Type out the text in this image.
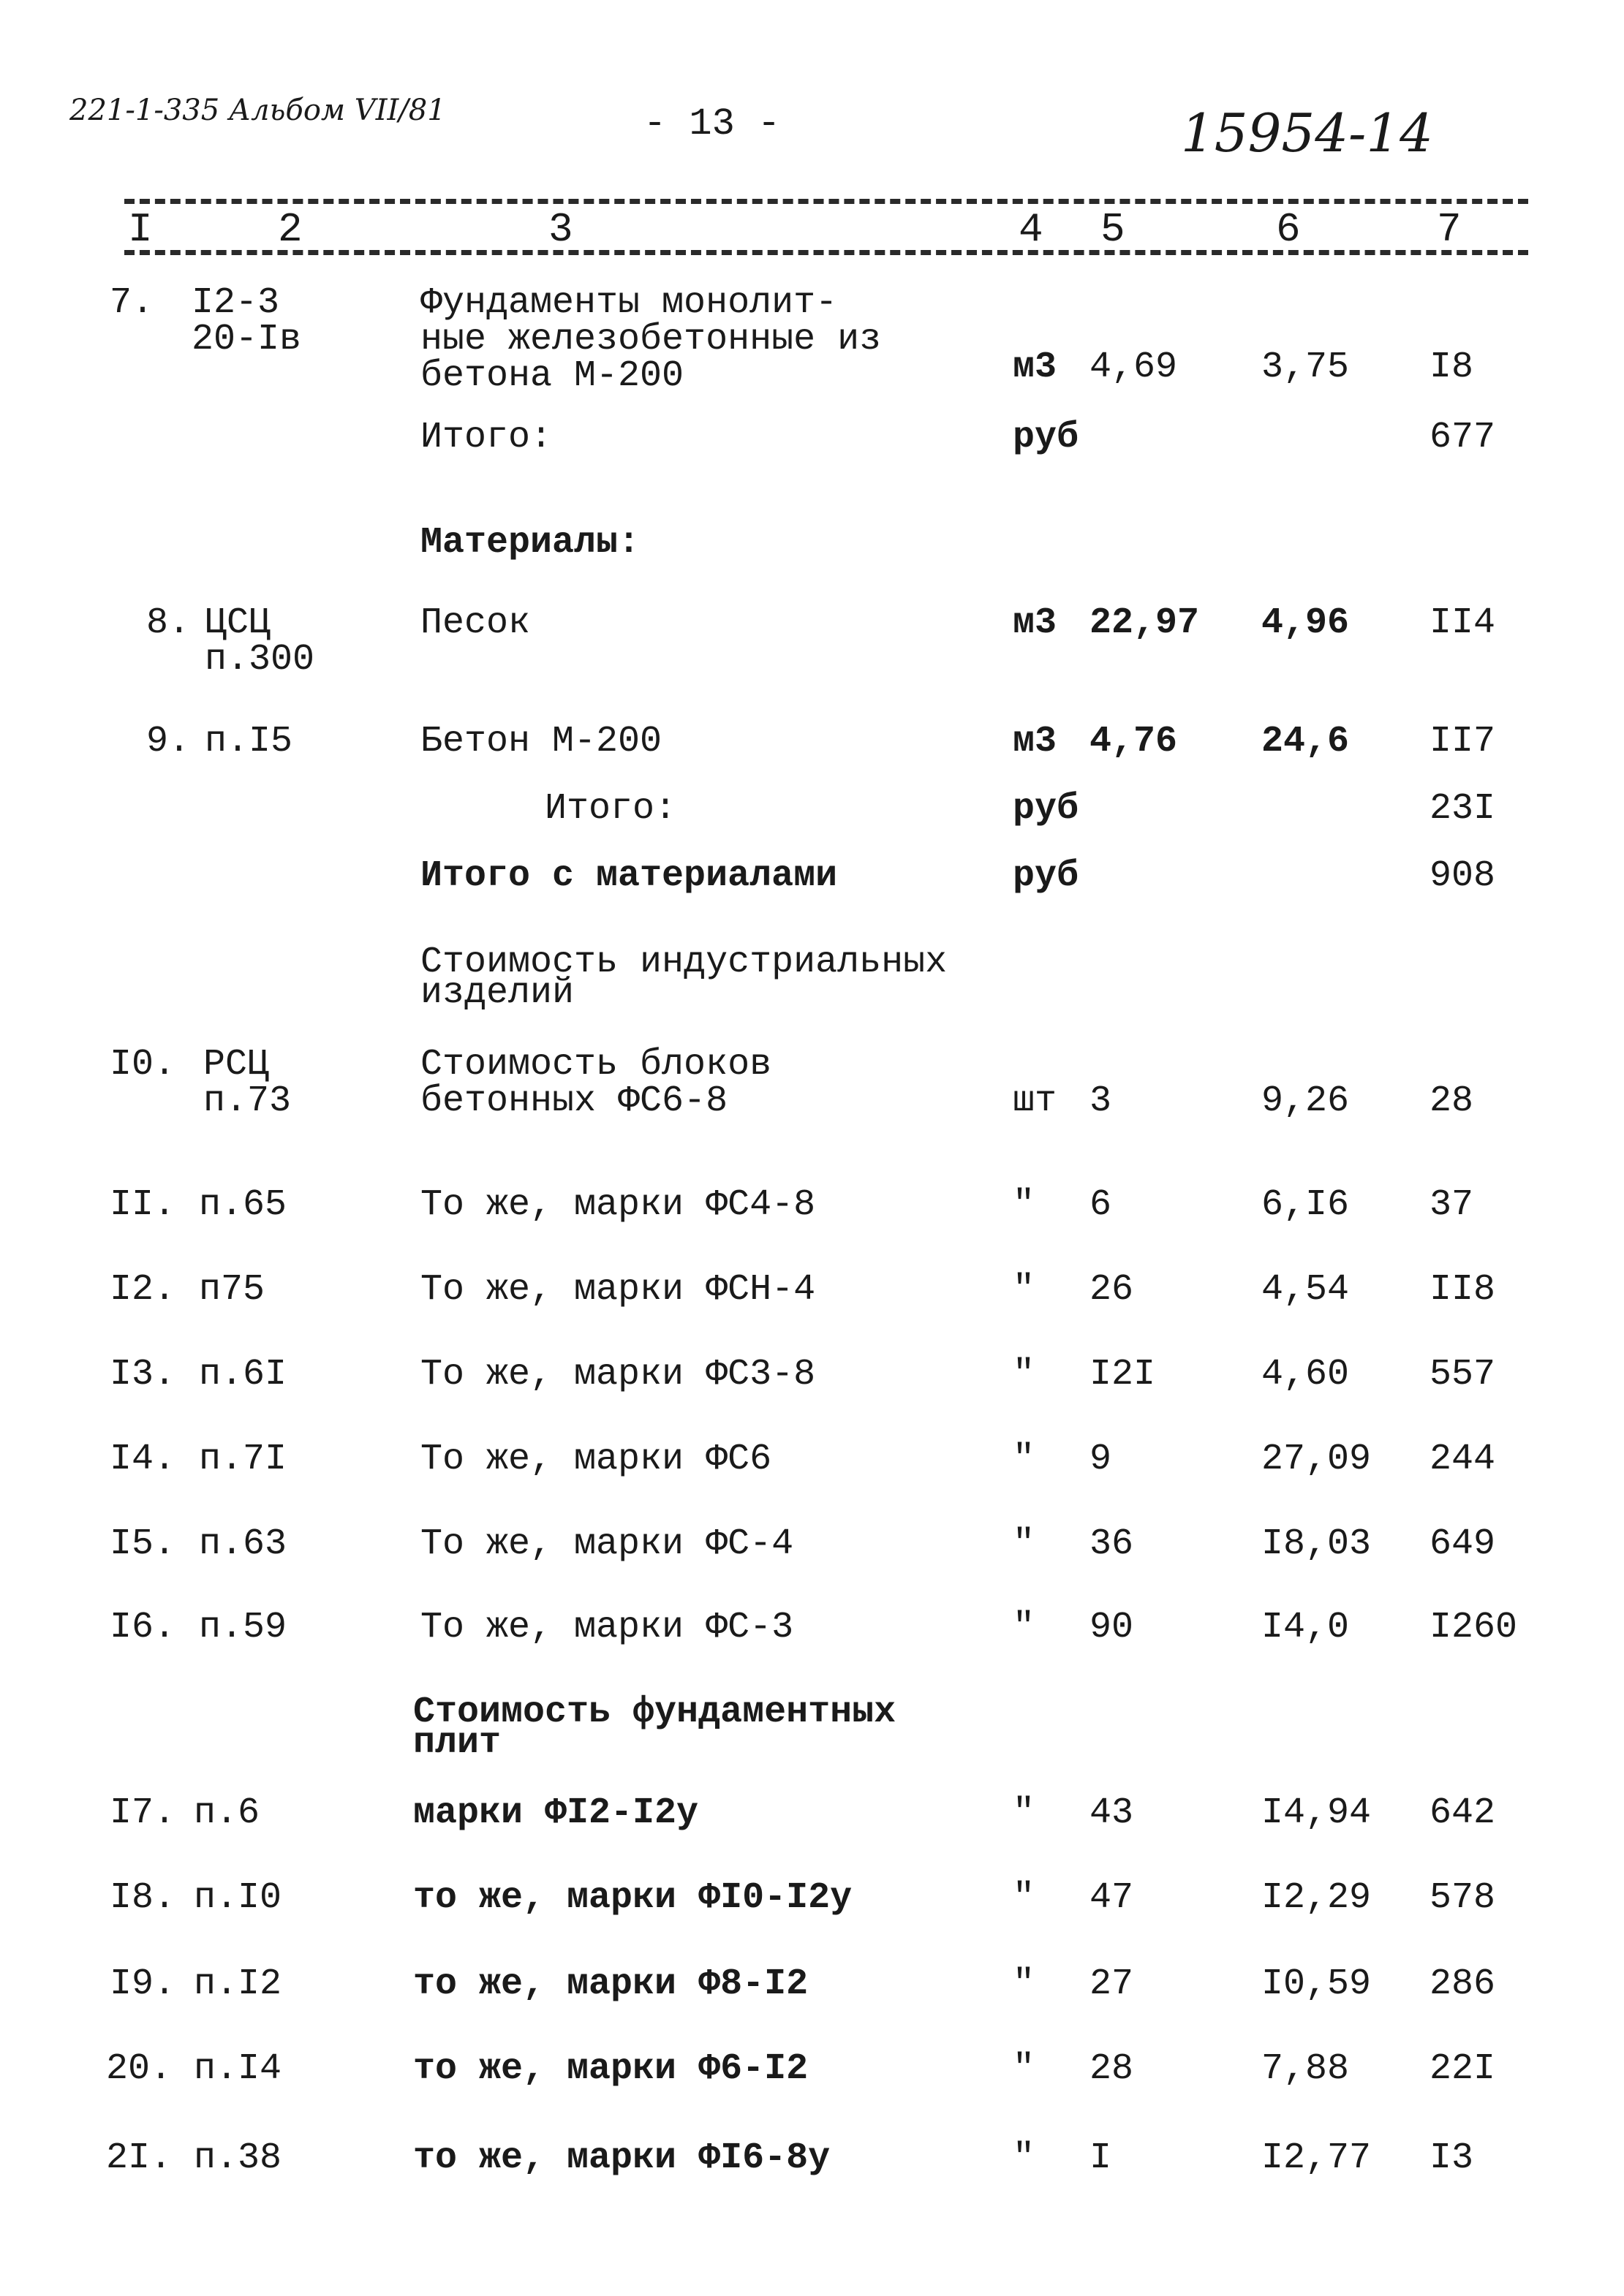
221-1-335 Альбом VII/81	- 13 -	15954-14
I	2	3	4 5	6	7
7. I2-3
20-Iв
Фундаменты монолит-
ные железобетонные из
бетона М-200	м3 4,69 3,75 I8
Итого:	руб	677
Материалы:
8. ЦСЦ
п.300
Песок	м3 22,97 4,96 II4
9. п.I5	Бетон М-200	м3 4,76 24,6 II7
Итого:	руб	23I
Итого с материалами	руб	908
Стоимость индустриальных
изделий
I0. РСЦ
п.73
Стоимость блоков
бетонных ФС6-8	шт 3	9,26 28
II. п.65	То же, марки ФС4-8	" 6	6,I6 37
I2. п75	То же, марки ФСН-4	" 26	4,54 II8
I3. п.6I	То же, марки ФС3-8	" I2I	4,60 557
I4. п.7I	То же, марки ФС6	" 9	27,09 244
I5. п.63	То же, марки ФС-4	" 36	I8,03 649
I6. п.59	То же, марки ФС-3	" 90	I4,0 I260
Стоимость фундаментных
плит
I7. п.6	марки ФI2-I2у	" 43	I4,94 642
I8. п.I0	то же, марки ФI0-I2у	" 47	I2,29 578
I9. п.I2	то же, марки Ф8-I2	" 27	I0,59 286
20. п.I4	то же, марки Ф6-I2	" 28	7,88 22I
2I. п.38	то же, марки ФI6-8у	" I	I2,77 I3
